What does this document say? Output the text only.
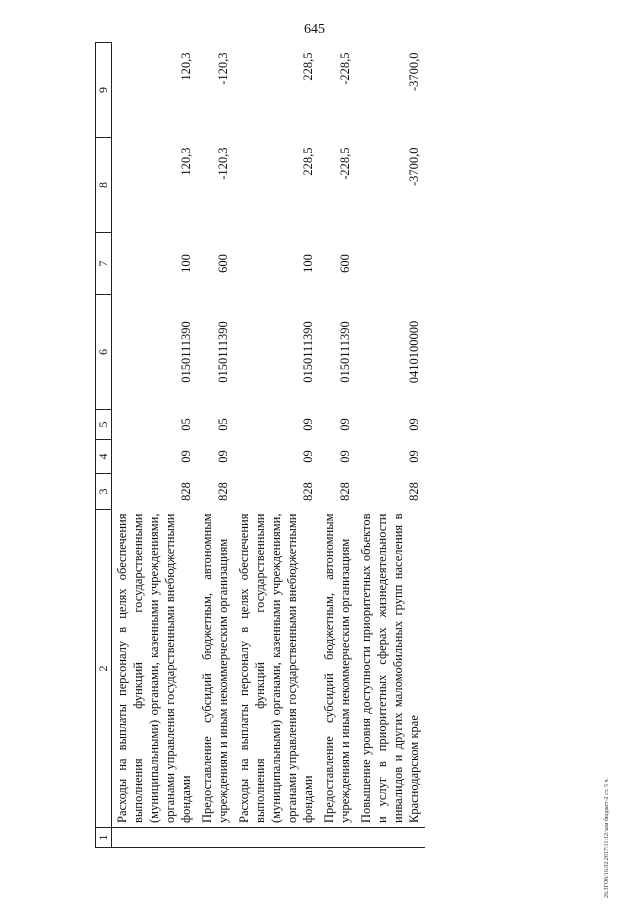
645
26.3ГОб/16.02.2017/11:12/зам бюджет-2 ст. 5 ч.
1	2	3	4	5	6	7	8	9
	Расходы на выплаты персоналу в целях обеспечения выполнения функций государственными (муниципальными) органами, казенными учреждениями, органами управления государственными внебюджетными фондами	828	09	05	0150111390	100	120,3	120,3
	Предоставление субсидий бюджетным, автономным учреждениям и иным некоммерческим организациям	828	09	05	0150111390	600	-120,3	-120,3
	Расходы на выплаты персоналу в целях обеспечения выполнения функций государственными (муниципальными) органами, казенными учреждениями, органами управления государственными внебюджетными фондами	828	09	09	0150111390	100	228,5	228,5
	Предоставление субсидий бюджетным, автономным учреждениям и иным некоммерческим организациям	828	09	09	0150111390	600	-228,5	-228,5
	Повышение уровня доступности приоритетных объектов и услуг в приоритетных сферах жизнедеятельности инвалидов и других маломобильных групп населения в Краснодарском крае	828	09	09	0410100000		-3700,0	-3700,0
